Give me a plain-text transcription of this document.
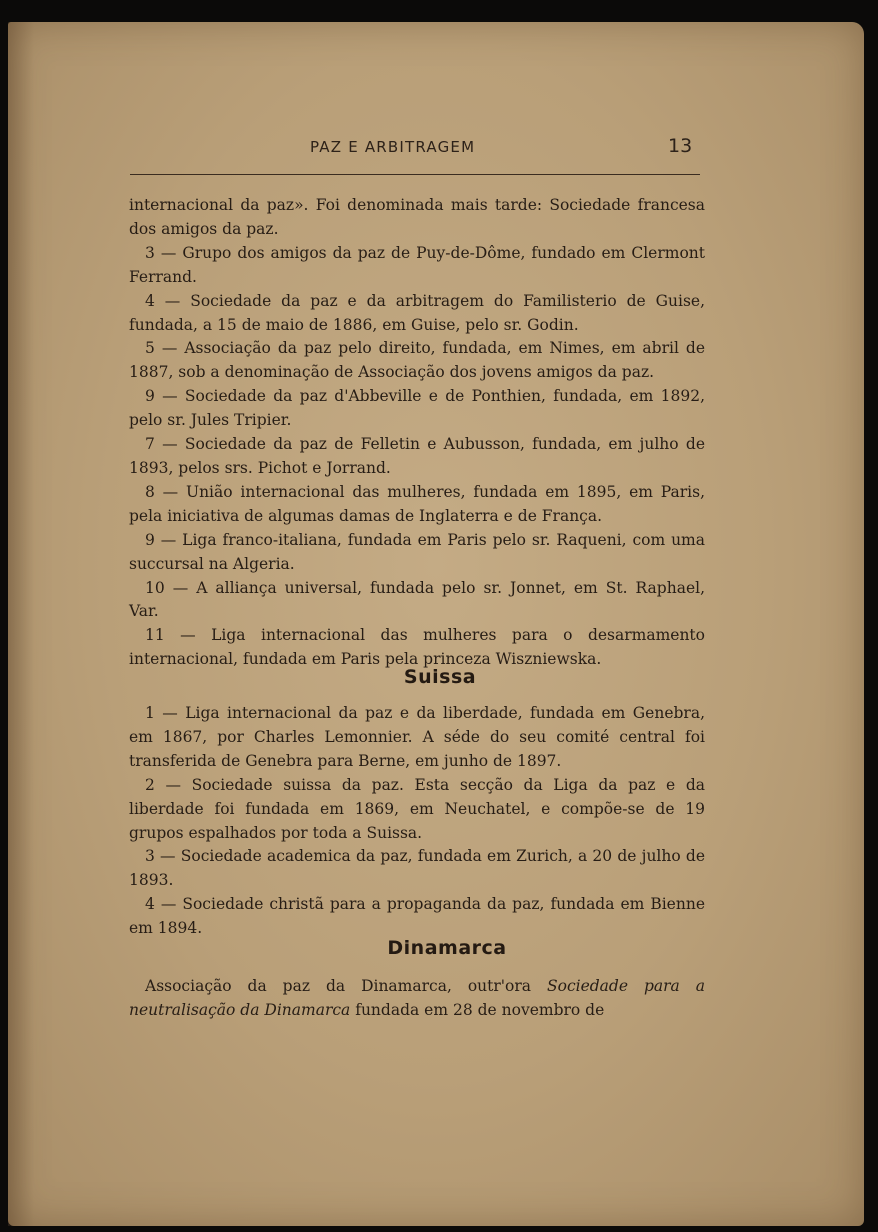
PAZ E ARBITRAGEM	13

internacional da paz». Foi denominada mais tarde: Sociedade francesa dos amigos da paz.

3 — Grupo dos amigos da paz de Puy-de-Dôme, fundado em Clermont Ferrand.

4 — Sociedade da paz e da arbitragem do Familisterio de Guise, fundada, a 15 de maio de 1886, em Guise, pelo sr. Godin.

5 — Associação da paz pelo direito, fundada, em Nimes, em abril de 1887, sob a denominação de Associação dos jovens amigos da paz.

9 — Sociedade da paz d'Abbeville e de Ponthien, fundada, em 1892, pelo sr. Jules Tripier.

7 — Sociedade da paz de Felletin e Aubusson, fundada, em julho de 1893, pelos srs. Pichot e Jorrand.

8 — União internacional das mulheres, fundada em 1895, em Paris, pela iniciativa de algumas damas de Inglaterra e de França.

9 — Liga franco-italiana, fundada em Paris pelo sr. Raqueni, com uma succursal na Algeria.

10 — A alliança universal, fundada pelo sr. Jonnet, em St. Raphael, Var.

11 — Liga internacional das mulheres para o desarmamento internacional, fundada em Paris pela princeza Wiszniewska.

Suissa

1 — Liga internacional da paz e da liberdade, fundada em Genebra, em 1867, por Charles Lemonnier. A séde do seu comité central foi transferida de Genebra para Berne, em junho de 1897.

2 — Sociedade suissa da paz. Esta secção da Liga da paz e da liberdade foi fundada em 1869, em Neuchatel, e compõe-se de 19 grupos espalhados por toda a Suissa.

3 — Sociedade academica da paz, fundada em Zurich, a 20 de julho de 1893.

4 — Sociedade christã para a propaganda da paz, fundada em Bienne em 1894.

Dinamarca

Associação da paz da Dinamarca, outr'ora Sociedade para a neutralisação da Dinamarca fundada em 28 de novembro de
